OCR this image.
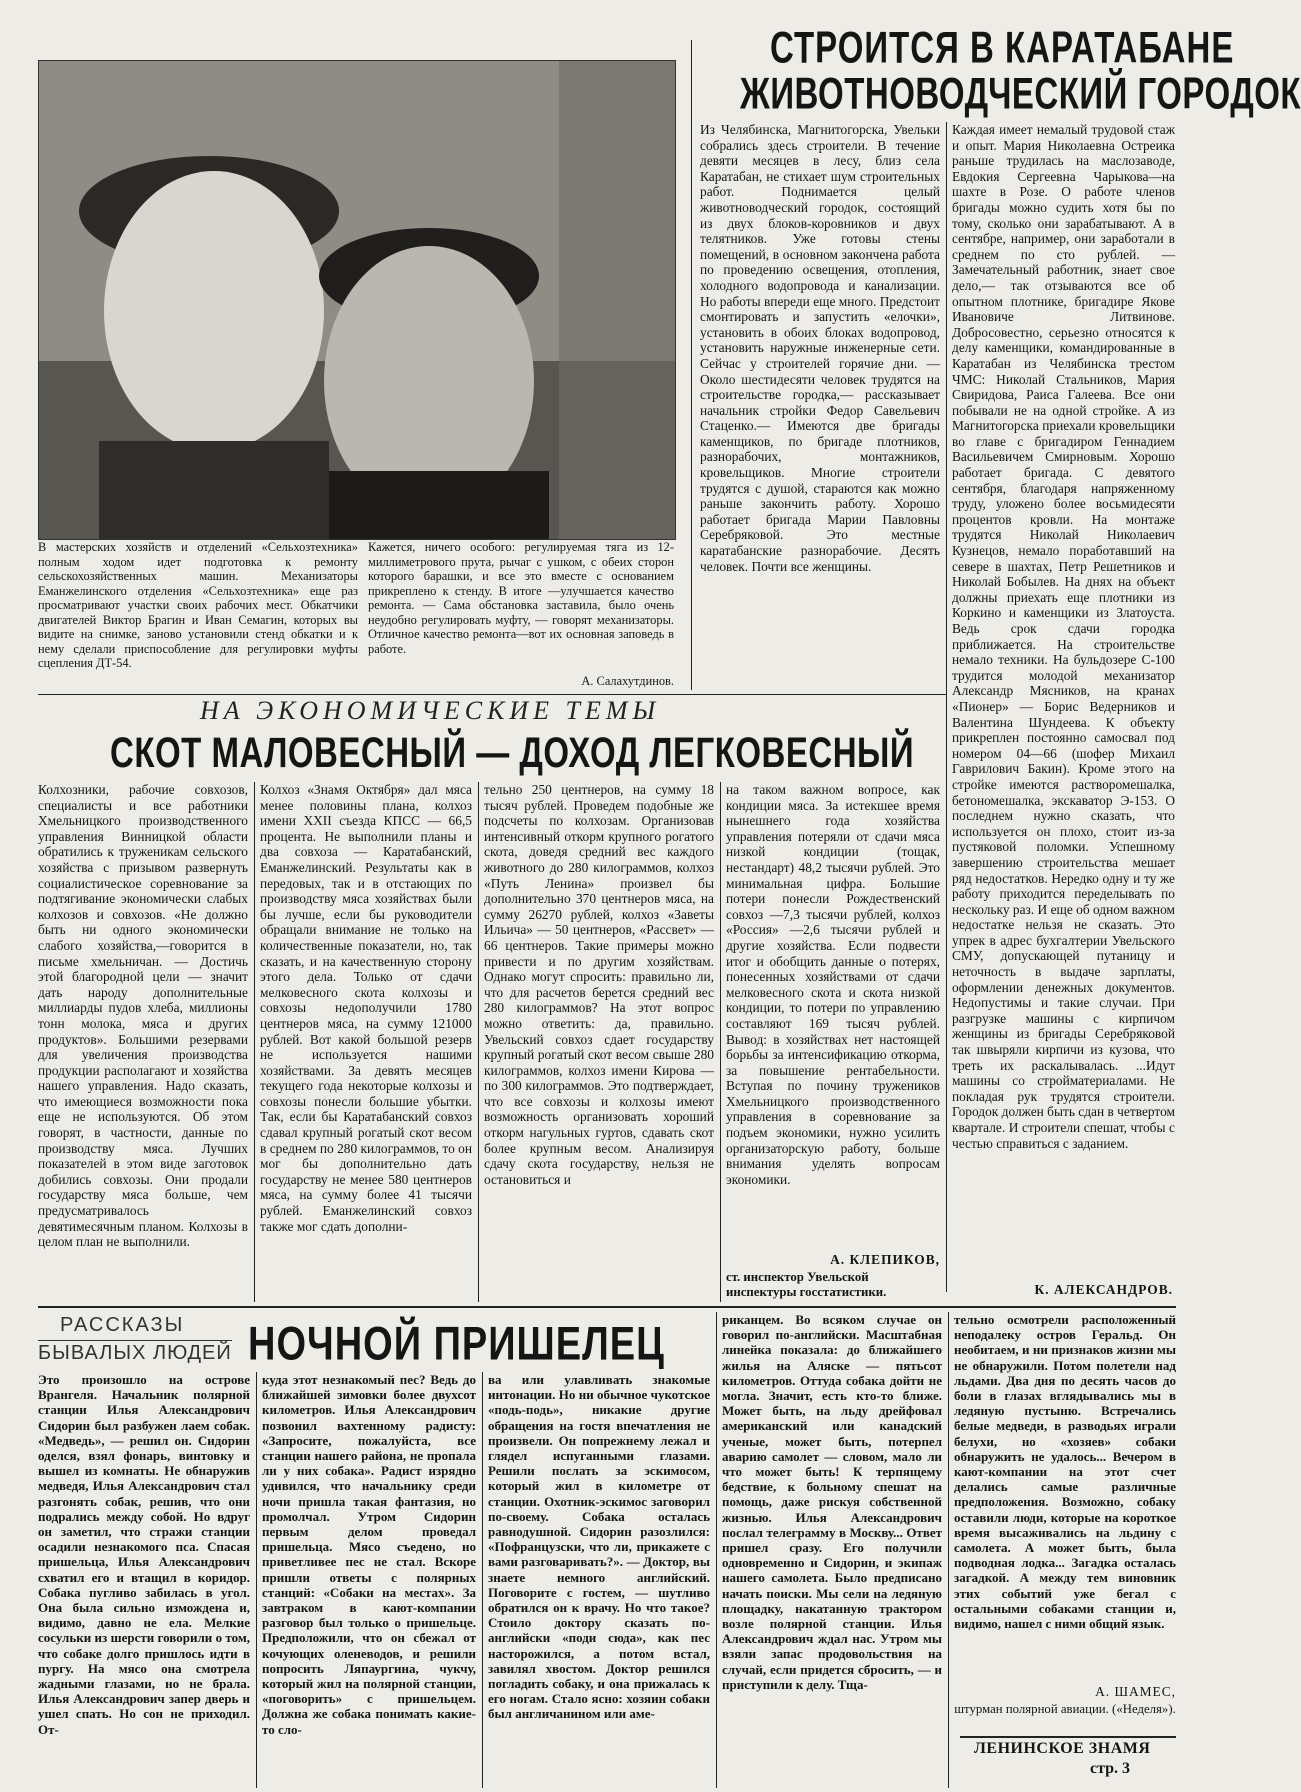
В мастерских хозяйств и отделений «Сельхозтехника» полным ходом идет подготовка к ремонту сельскохозяйственных машин. Механизаторы Еманжелинского отделения «Сельхозтехника» еще раз просматривают участки своих рабочих мест. Обкатчики двигателей Виктор Брагин и Иван Семагин, которых вы видите на снимке, заново установили стенд обкатки и к нему сделали приспособление для регулировки муфты сцепления ДТ-54.
Кажется, ничего особого: регулируемая тяга из 12-миллиметрового прута, рычаг с ушком, с обеих сторон которого барашки, и все это вместе с основанием прикреплено к стенду. В итоге —улучшается качество ремонта. — Сама обстановка заставила, было очень неудобно регулировать муфту, — говорят механизаторы. Отличное качество ремонта—вот их основная заповедь в работе.
А. Салахутдинов.
СТРОИТСЯ В КАРАТАБАНЕ
ЖИВОТНОВОДЧЕСКИЙ ГОРОДОК
Из Челябинска, Магнитогорска, Увельки собрались здесь строители. В течение девяти месяцев в лесу, близ села Каратабан, не стихает шум строительных работ. Поднимается целый животноводческий городок, состоящий из двух блоков-коровников и двух телятников. Уже готовы стены помещений, в основном закончена работа по проведению освещения, отопления, холодного водопровода и канализации. Но работы впереди еще много. Предстоит смонтировать и запустить «елочки», установить в обоих блоках водопровод, установить наружные инженерные сети. Сейчас у строителей горячие дни. — Около шестидесяти человек трудятся на строительстве городка,— рассказывает начальник стройки Федор Савельевич Стаценко.— Имеются две бригады каменщиков, по бригаде плотников, разнорабочих, монтажников, кровельщиков. Многие строители трудятся с душой, стараются как можно раньше закончить работу. Хорошо работает бригада Марии Павловны Серебряковой. Это местные каратабанские разнорабочие. Десять человек. Почти все женщины.
Каждая имеет немалый трудовой стаж и опыт. Мария Николаевна Остреика раньше трудилась на маслозаводе, Евдокия Сергеевна Чарыкова—на шахте в Розе. О работе членов бригады можно судить хотя бы по тому, сколько они зарабатывают. А в сентябре, например, они заработали в среднем по сто рублей. — Замечательный работник, знает свое дело,— так отзываются все об опытном плотнике, бригадире Якове Ивановиче Литвинове. Добросовестно, серьезно относятся к делу каменщики, командированные в Каратабан из Челябинска трестом ЧМС: Николай Стальников, Мария Свиридова, Раиса Галеева. Все они побывали не на одной стройке. А из Магнитогорска приехали кровельщики во главе с бригадиром Геннадием Васильевичем Смирновым. Хорошо работает бригада. С девятого сентября, благодаря напряженному труду, уложено более восьмидесяти процентов кровли. На монтаже трудятся Николай Николаевич Кузнецов, немало поработавший на севере в шахтах, Петр Решетников и Николай Бобылев. На днях на объект должны приехать еще плотники из Коркино и каменщики из Златоуста. Ведь срок сдачи городка приближается. На строительстве немало техники. На бульдозере С-100 трудится молодой механизатор Александр Мясников, на кранах «Пионер» — Борис Ведерников и Валентина Шундеева. К объекту прикреплен постоянно самосвал под номером 04—66 (шофер Михаил Гаврилович Бакин). Кроме этого на стройке имеются растворомешалка, бетономешалка, экскаватор Э-153. О последнем нужно сказать, что используется он плохо, стоит из-за пустяковой поломки. Успешному завершению строительства мешает ряд недостатков. Нередко одну и ту же работу приходится переделывать по нескольку раз. И еще об одном важном недостатке нельзя не сказать. Это упрек в адрес бухгалтерии Увельского СМУ, допускающей путаницу и неточность в выдаче зарплаты, оформлении денежных документов. Недопустимы и такие случаи. При разгрузке машины с кирпичом женщины из бригады Серебряковой так швыряли кирпичи из кузова, что треть их раскалывалась. ...Идут машины со стройматериалами. Не покладая рук трудятся строители. Городок должен быть сдан в четвертом квартале. И строители спешат, чтобы с честью справиться с заданием.
К. АЛЕКСАНДРОВ.
НА ЭКОНОМИЧЕСКИЕ ТЕМЫ
СКОТ МАЛОВЕСНЫЙ — ДОХОД ЛЕГКОВЕСНЫЙ
Колхозники, рабочие совхозов, специалисты и все работники Хмельницкого производственного управления Винницкой области обратились к труженикам сельского хозяйства с призывом развернуть социалистическое соревнование за подтягивание экономически слабых колхозов и совхозов. «Не должно быть ни одного экономически слабого хозяйства,—говорится в письме хмельничан. — Достичь этой благородной цели — значит дать народу дополнительные миллиарды пудов хлеба, миллионы тонн молока, мяса и других продуктов». Большими резервами для увеличения производства продукции располагают и хозяйства нашего управления. Надо сказать, что имеющиеся возможности пока еще не используются. Об этом говорят, в частности, данные по производству мяса. Лучших показателей в этом виде заготовок добились совхозы. Они продали государству мяса больше, чем предусматривалось девятимесячным планом. Колхозы в целом план не выполнили.
Колхоз «Знамя Октября» дал мяса менее половины плана, колхоз имени XXII съезда КПСС — 66,5 процента. Не выполнили планы и два совхоза — Каратабанский, Еманжелинский. Результаты как в передовых, так и в отстающих по производству мяса хозяйствах были бы лучше, если бы руководители обращали внимание не только на количественные показатели, но, так сказать, и на качественную сторону этого дела. Только от сдачи мелковесного скота колхозы и совхозы недополучили 1780 центнеров мяса, на сумму 121000 рублей. Вот какой большой резерв не используется нашими хозяйствами. За девять месяцев текущего года некоторые колхозы и совхозы понесли большие убытки. Так, если бы Каратабанский совхоз сдавал крупный рогатый скот весом в среднем по 280 килограммов, то он мог бы дополнительно дать государству не менее 580 центнеров мяса, на сумму более 41 тысячи рублей. Еманжелинский совхоз также мог сдать дополни-
тельно 250 центнеров, на сумму 18 тысяч рублей. Проведем подобные же подсчеты по колхозам. Организовав интенсивный откорм крупного рогатого скота, доведя средний вес каждого животного до 280 килограммов, колхоз «Путь Ленина» произвел бы дополнительно 370 центнеров мяса, на сумму 26270 рублей, колхоз «Заветы Ильича» — 50 центнеров, «Рассвет» —66 центнеров. Такие примеры можно привести и по другим хозяйствам. Однако могут спросить: правильно ли, что для расчетов берется средний вес 280 килограммов? На этот вопрос можно ответить: да, правильно. Увельский совхоз сдает государству крупный рогатый скот весом свыше 280 килограммов, колхоз имени Кирова — по 300 килограммов. Это подтверждает, что все совхозы и колхозы имеют возможность организовать хороший откорм нагульных гуртов, сдавать скот более крупным весом. Анализируя сдачу скота государству, нельзя не остановиться и
на таком важном вопросе, как кондиции мяса. За истекшее время нынешнего года хозяйства управления потеряли от сдачи мяса низкой кондиции (тощак, нестандарт) 48,2 тысячи рублей. Это минимальная цифра. Большие потери понесли Рождественский совхоз —7,3 тысячи рублей, колхоз «Россия» —2,6 тысячи рублей и другие хозяйства. Если подвести итог и обобщить данные о потерях, понесенных хозяйствами от сдачи мелковесного скота и скота низкой кондиции, то потери по управлению составляют 169 тысяч рублей. Вывод: в хозяйствах нет настоящей борьбы за интенсификацию откорма, за повышение рентабельности. Вступая по почину тружеников Хмельницкого производственного управления в соревнование за подъем экономики, нужно усилить организаторскую работу, больше внимания уделять вопросам экономики.
А. КЛЕПИКОВ,
ст. инспектор Увельской инспектуры госстатистики.
РАССКАЗЫ
БЫВАЛЫХ ЛЮДЕЙ НОЧНОЙ ПРИШЕЛЕЦ
Это произошло на острове Врангеля. Начальник полярной станции Илья Александрович Сидорин был разбужен лаем собак. «Медведь», — решил он. Сидорин оделся, взял фонарь, винтовку и вышел из комнаты. Не обнаружив медведя, Илья Александрович стал разгонять собак, решив, что они подрались между собой. Но вдруг он заметил, что стражи станции осадили незнакомого пса. Спасая пришельца, Илья Александрович схватил его и втащил в коридор. Собака пугливо забилась в угол. Она была сильно изможденa и, видимо, давно не ела. Мелкие сосульки из шерсти говорили о том, что собаке долго пришлось идти в пургу. На мясо она смотрела жадными глазами, но не брала. Илья Александрович запер дверь и ушел спать. Но сон не приходил. От-
куда этот незнакомый пес? Ведь до ближайшей зимовки более двухсот километров. Илья Александрович позвонил вахтенному радисту: «Запросите, пожалуйста, все станции нашего района, не пропала ли у них собака». Радист изрядно удивился, что начальнику среди ночи пришла такая фантазия, но промолчал. Утром Сидорин первым делом проведал пришельца. Мясо съедено, но приветливее пес не стал. Вскоре пришли ответы с полярных станций: «Собаки на местах». За завтраком в кают-компании разговор был только о пришельце. Предположили, что он сбежал от кочующих оленеводов, и решили попросить Ляпаургина, чукчу, который жил на полярной станции, «поговорить» с пришельцем. Должна же собака понимать какие-то сло-
ва или улавливать знакомые интонации. Но ни обычное чукотское «подь-подь», никакие другие обращения на гостя впечатления не произвели. Он попрежнему лежал и глядел испуганными глазами. Решили послать за эскимосом, который жил в километре от станции. Охотник-эскимос заговорил по-своему. Собака осталась равнодушной. Сидорин разозлился: «Пофранцузски, что ли, прикажете с вами разговаривать?». — Доктор, вы знаете немного английский. Поговорите с гостем, — шутливо обратился он к врачу. Но что такое? Стоило доктору сказать по-английски «поди сюда», как пес насторожился, а потом встал, завилял хвостом. Доктор решился погладить собаку, и она прижалась к его ногам. Стало ясно: хозяин собаки был англичанином или аме-
риканцем. Во всяком случае он говорил по-английски. Масштабная линейка показала: до ближайшего жилья на Аляске — пятьсот километров. Оттуда собака дойти не могла. Значит, есть кто-то ближе. Может быть, на льду дрейфовал американский или канадский ученые, может быть, потерпел аварию самолет — словом, мало ли что может быть! К терпящему бедствие, к больному спешат на помощь, даже рискуя собственной жизнью. Илья Александрович послал телеграмму в Москву... Ответ пришел сразу. Его получили одновременно и Сидорин, и экипаж нашего самолета. Было предписано начать поиски. Мы сели на ледяную площадку, накатанную трактором возле полярной станции. Илья Александрович ждал нас. Утром мы взяли запас продовольствия на случай, если придется сбросить, — и приступили к делу. Тща-
тельно осмотрели расположенный неподалеку остров Геральд. Он необитаем, и ни признаков жизни мы не обнаружили. Потом полетели над льдами. Два дня по десять часов до боли в глазах вглядывались мы в ледяную пустыню. Встречались белые медведи, в разводьях играли белухи, но «хозяев» собаки обнаружить не удалось... Вечером в кают-компании на этот счет делались самые различные предположения. Возможно, собаку оставили люди, которые на короткое время высаживались на льдину с самолета. А может быть, была подводная лодка... Загадка осталась загадкой. А между тем виновник этих событий уже бегал с остальными собаками станции и, видимо, нашел с ними общий язык.
А. ШАМЕС,
штурман полярной авиации. («Неделя»).
ЛЕНИНСКОЕ ЗНАМЯ
стр. 3
